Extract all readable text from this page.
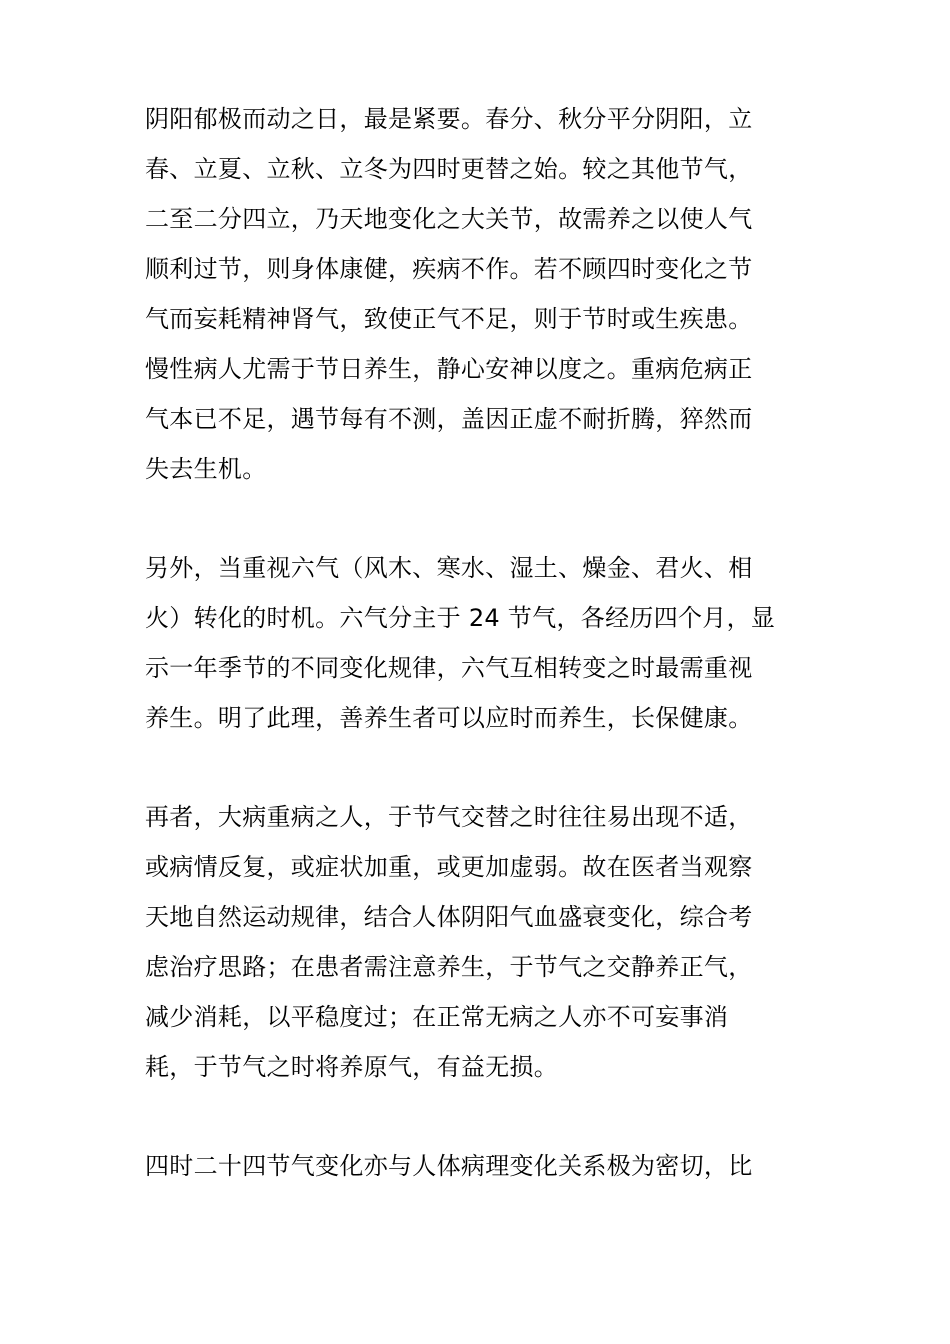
阴阳郁极而动之日，最是紧要。春分、秋分平分阴阳，立
春、立夏、立秋、立冬为四时更替之始。较之其他节气，
二至二分四立，乃天地变化之大关节，故需养之以使人气
顺利过节，则身体康健，疾病不作。若不顾四时变化之节
气而妄耗精神肾气，致使正气不足，则于节时或生疾患。
慢性病人尤需于节日养生，静心安神以度之。重病危病正
气本已不足，遇节每有不测，盖因正虚不耐折腾，猝然而
失去生机。
另外，当重视六气（风木、寒水、湿土、燥金、君火、相
火）转化的时机。六气分主于 24 节气，各经历四个月，显
示一年季节的不同变化规律，六气互相转变之时最需重视
养生。明了此理，善养生者可以应时而养生，长保健康。
再者，大病重病之人，于节气交替之时往往易出现不适，
或病情反复，或症状加重，或更加虚弱。故在医者当观察
天地自然运动规律，结合人体阴阳气血盛衰变化，综合考
虑治疗思路；在患者需注意养生，于节气之交静养正气，
减少消耗，以平稳度过；在正常无病之人亦不可妄事消
耗，于节气之时将养原气，有益无损。
四时二十四节气变化亦与人体病理变化关系极为密切，比
